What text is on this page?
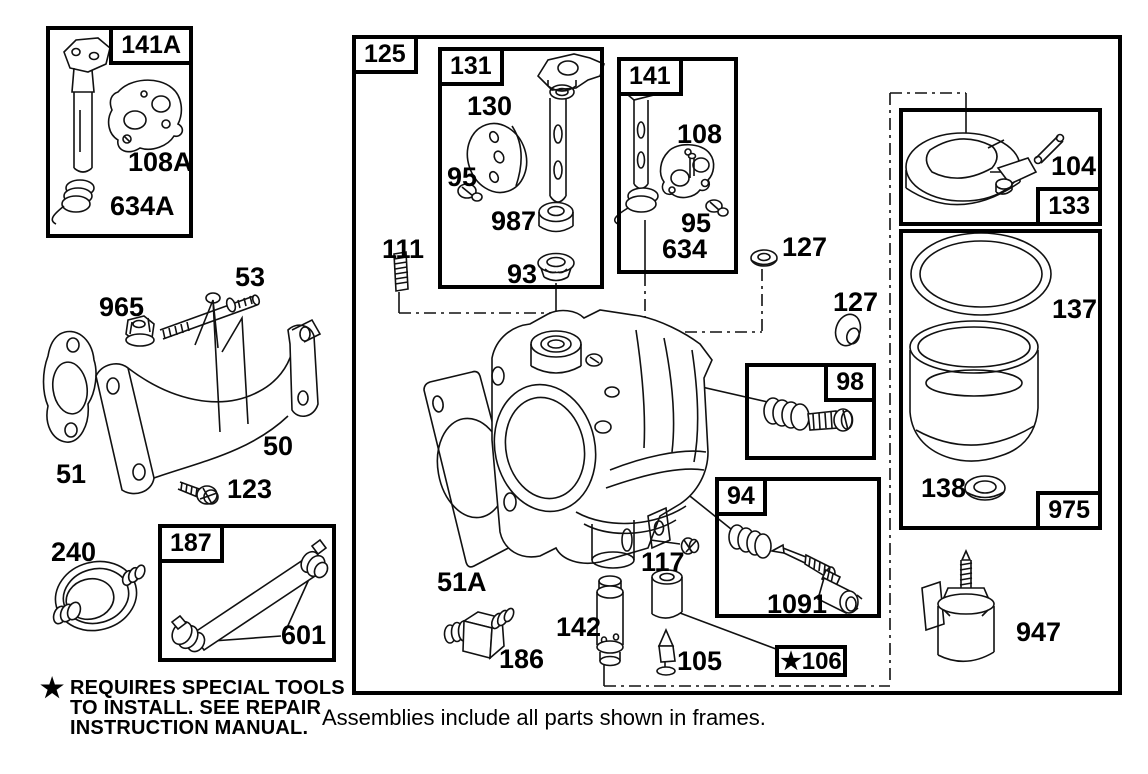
141A	125	131	141
133
975
98
94
★106
187
108A
634A
130
95
987
93
111
108
95
634	127
127
104
137
138
53
965
50
51	123
240
601
51A
117
142
105
186
1091
947
★ REQUIRES SPECIAL TOOLS
TO INSTALL. SEE REPAIR
INSTRUCTION MANUAL. Assemblies include all parts shown in frames.
